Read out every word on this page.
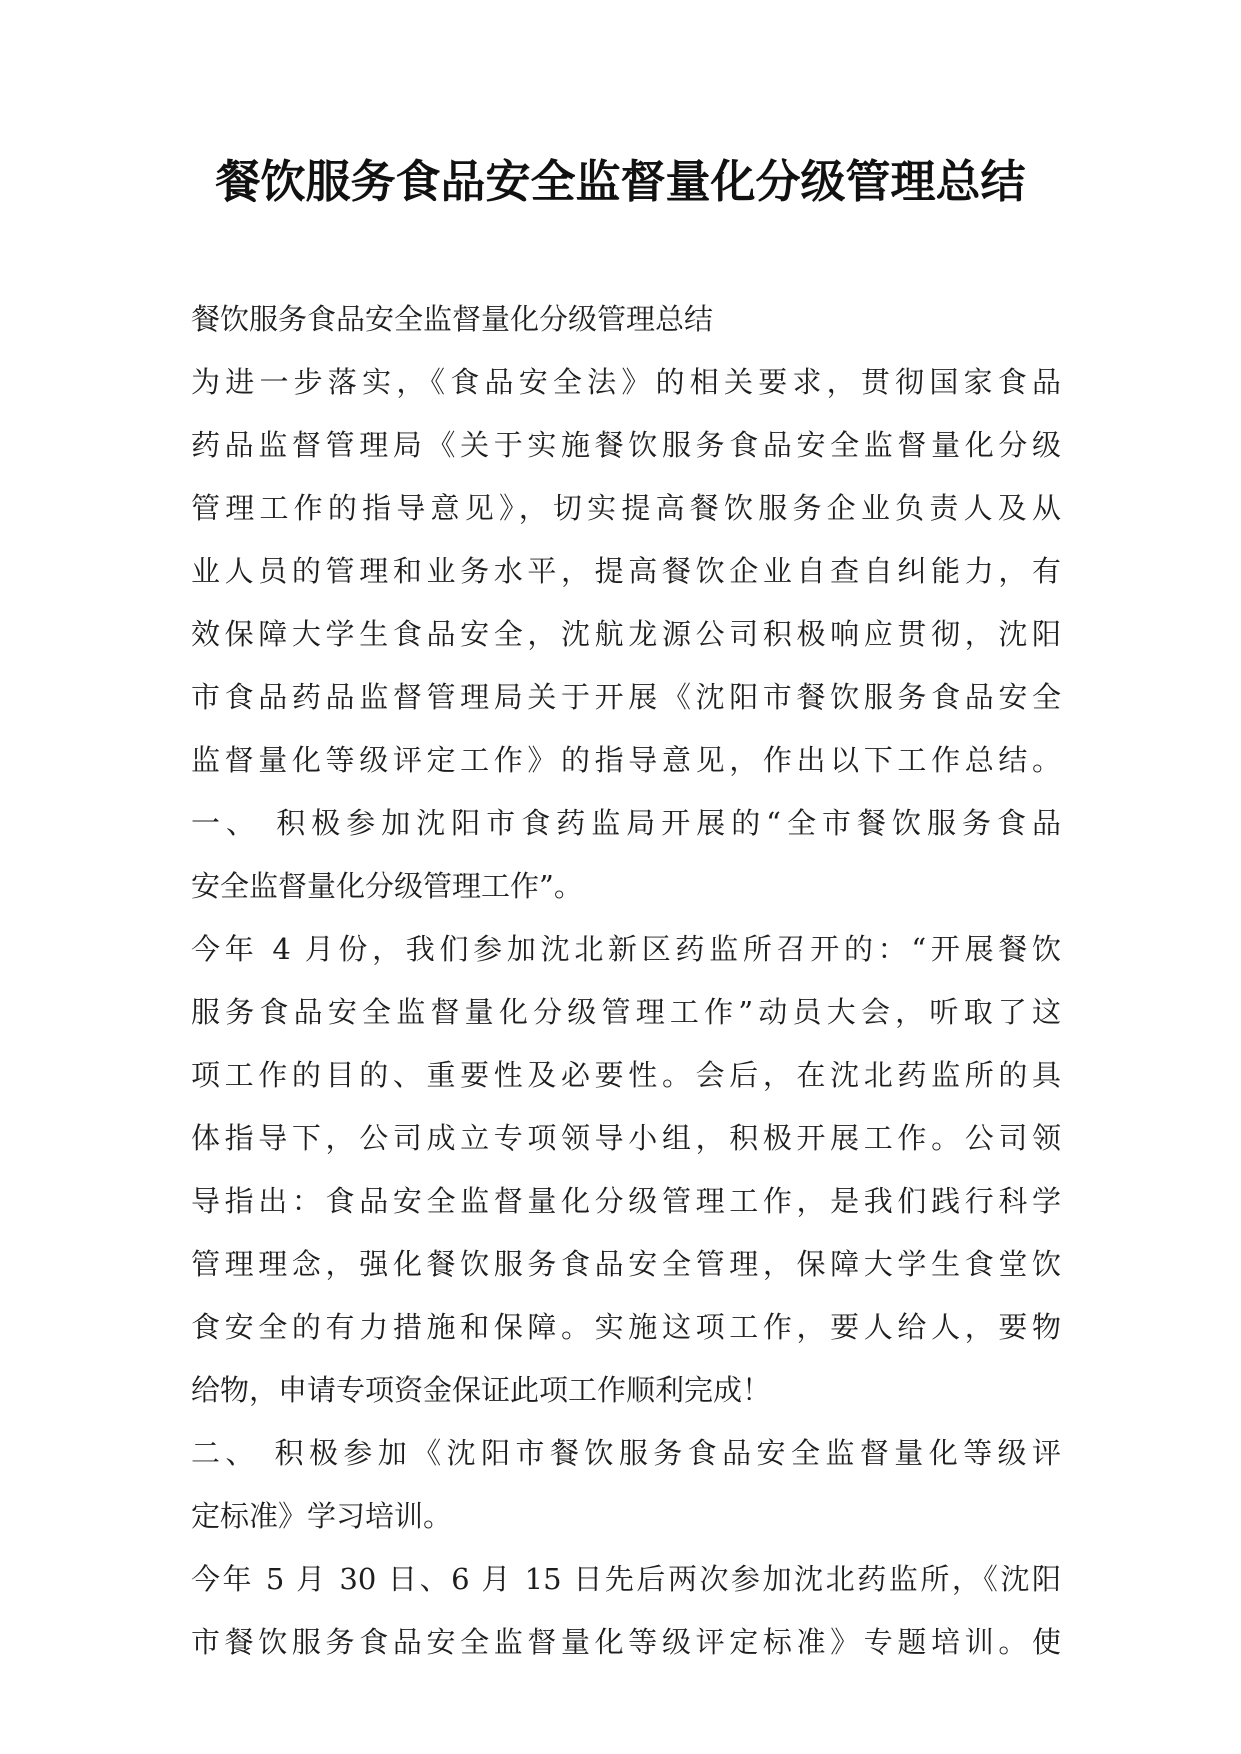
餐饮服务食品安全监督量化分级管理总结
餐饮服务食品安全监督量化分级管理总结
为进一步落实，《食品安全法》的相关要求，贯彻国家食品
药品监督管理局《关于实施餐饮服务食品安全监督量化分级
管理工作的指导意见》，切实提高餐饮服务企业负责人及从
业人员的管理和业务水平，提高餐饮企业自查自纠能力，有
效保障大学生食品安全，沈航龙源公司积极响应贯彻，沈阳
市食品药品监督管理局关于开展《沈阳市餐饮服务食品安全
监督量化等级评定工作》的指导意见，作出以下工作总结。
一、 积极参加沈阳市食药监局开展的“全市餐饮服务食品
安全监督量化分级管理工作”。
今年 4 月份，我们参加沈北新区药监所召开的：“开展餐饮
服务食品安全监督量化分级管理工作”动员大会，听取了这
项工作的目的、重要性及必要性。会后，在沈北药监所的具
体指导下，公司成立专项领导小组，积极开展工作。公司领
导指出：食品安全监督量化分级管理工作，是我们践行科学
管理理念，强化餐饮服务食品安全管理，保障大学生食堂饮
食安全的有力措施和保障。实施这项工作，要人给人，要物
给物，申请专项资金保证此项工作顺利完成！
二、 积极参加《沈阳市餐饮服务食品安全监督量化等级评
定标准》学习培训。
今年 5 月 30 日、6 月 15 日先后两次参加沈北药监所，《沈阳
市餐饮服务食品安全监督量化等级评定标准》专题培训。使
